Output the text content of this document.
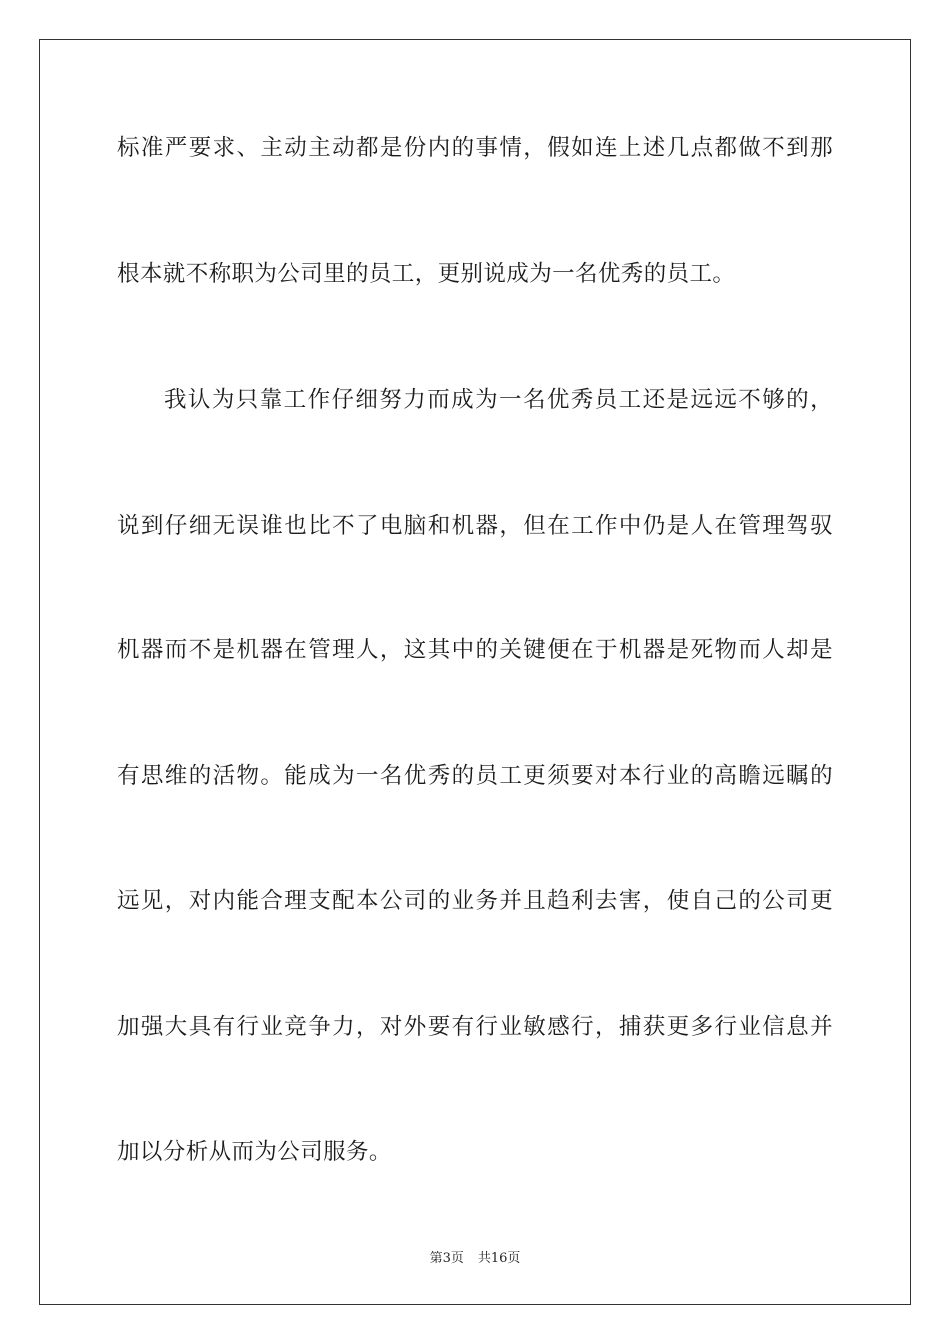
标准严要求、主动主动都是份内的事情，假如连上述几点都做不到那
根本就不称职为公司里的员工，更别说成为一名优秀的员工。
我认为只靠工作仔细努力而成为一名优秀员工还是远远不够的，
说到仔细无误谁也比不了电脑和机器，但在工作中仍是人在管理驾驭
机器而不是机器在管理人，这其中的关键便在于机器是死物而人却是
有思维的活物。能成为一名优秀的员工更须要对本行业的高瞻远瞩的
远见，对内能合理支配本公司的业务并且趋利去害，使自己的公司更
加强大具有行业竞争力，对外要有行业敏感行，捕获更多行业信息并
加以分析从而为公司服务。
第3页 共16页
